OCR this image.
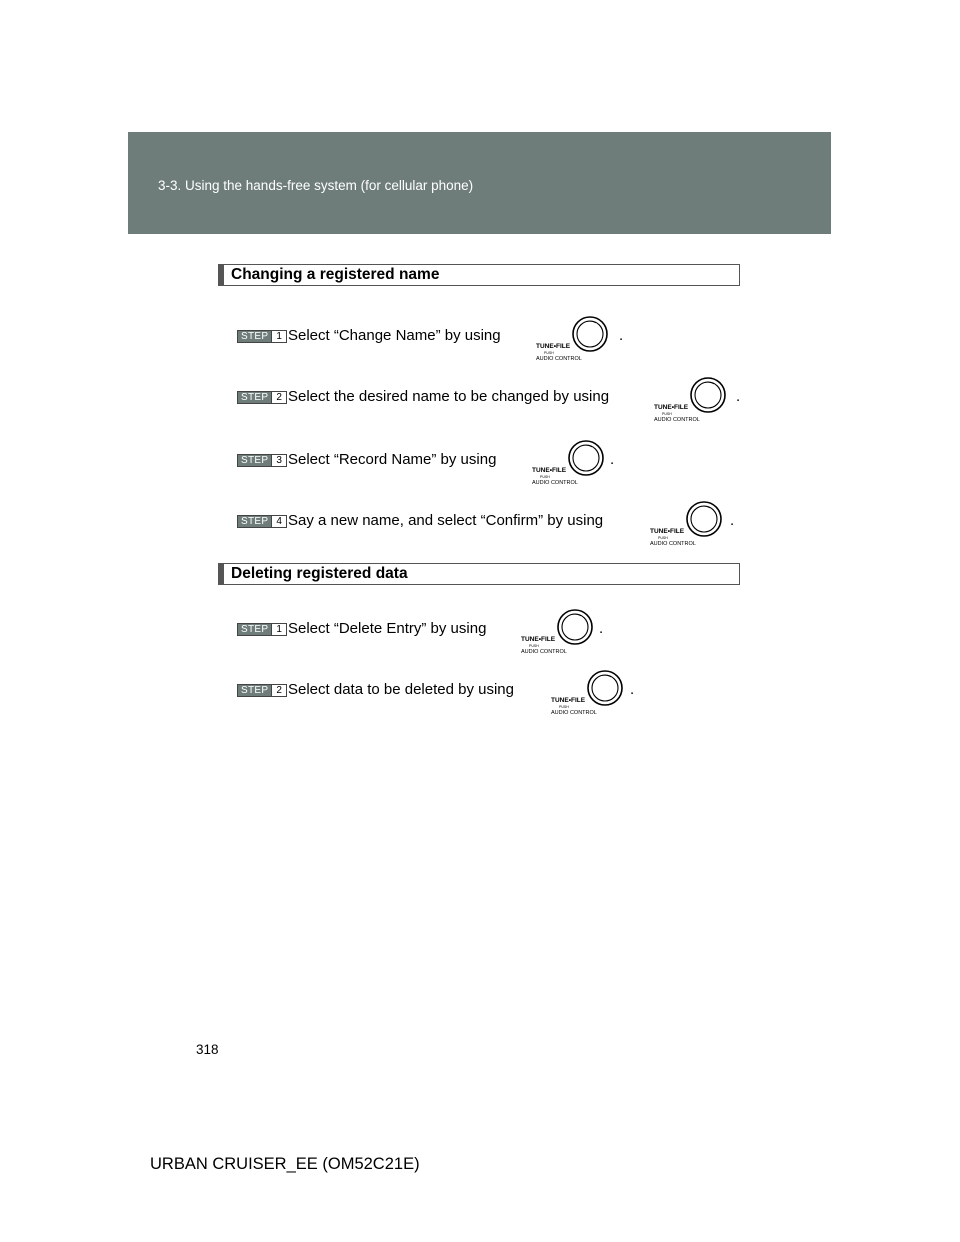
3-3. Using the hands-free system (for cellular phone)
Changing a registered name
STEP 1 Select “Change Name” by using
TUNE•FILE
PUSH
AUDIO CONTROL
.
STEP 2 Select the desired name to be changed by using
TUNE•FILE
PUSH
AUDIO CONTROL
.
STEP 3 Select “Record Name” by using
TUNE•FILE
PUSH
AUDIO CONTROL
.
STEP 4 Say a new name, and select “Confirm” by using
TUNE•FILE
PUSH
AUDIO CONTROL
.
Deleting registered data
STEP 1 Select “Delete Entry” by using
TUNE•FILE
PUSH
AUDIO CONTROL
.
STEP 2 Select data to be deleted by using
TUNE•FILE
PUSH
AUDIO CONTROL
.
318
URBAN CRUISER_EE (OM52C21E)
